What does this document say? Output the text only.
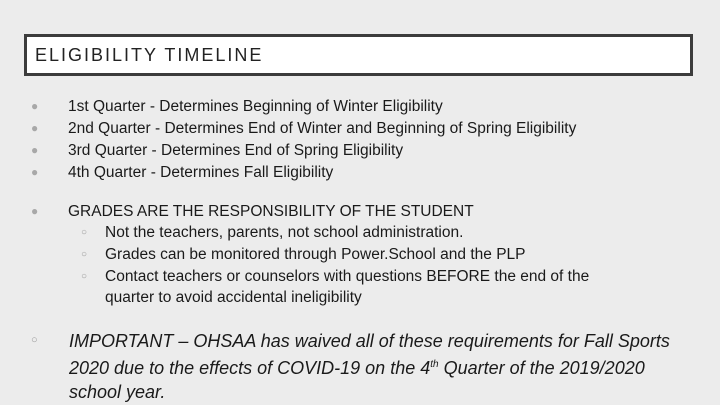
ELIGIBILITY TIMELINE
● 1st Quarter - Determines Beginning of Winter Eligibility
● 2nd Quarter - Determines End of Winter and Beginning of Spring Eligibility
● 3rd Quarter - Determines End of Spring Eligibility
● 4th Quarter - Determines Fall Eligibility
● GRADES ARE THE RESPONSIBILITY OF THE STUDENT
○ Not the teachers, parents, not school administration.
○ Grades can be monitored through Power.School and the PLP
○ Contact teachers or counselors with questions BEFORE the end of the
quarter to avoid accidental ineligibility
○ IMPORTANT – OHSAA has waived all of these requirements for Fall Sports 2020 due to the effects of COVID-19 on the 4th Quarter of the 2019/2020 school year.
